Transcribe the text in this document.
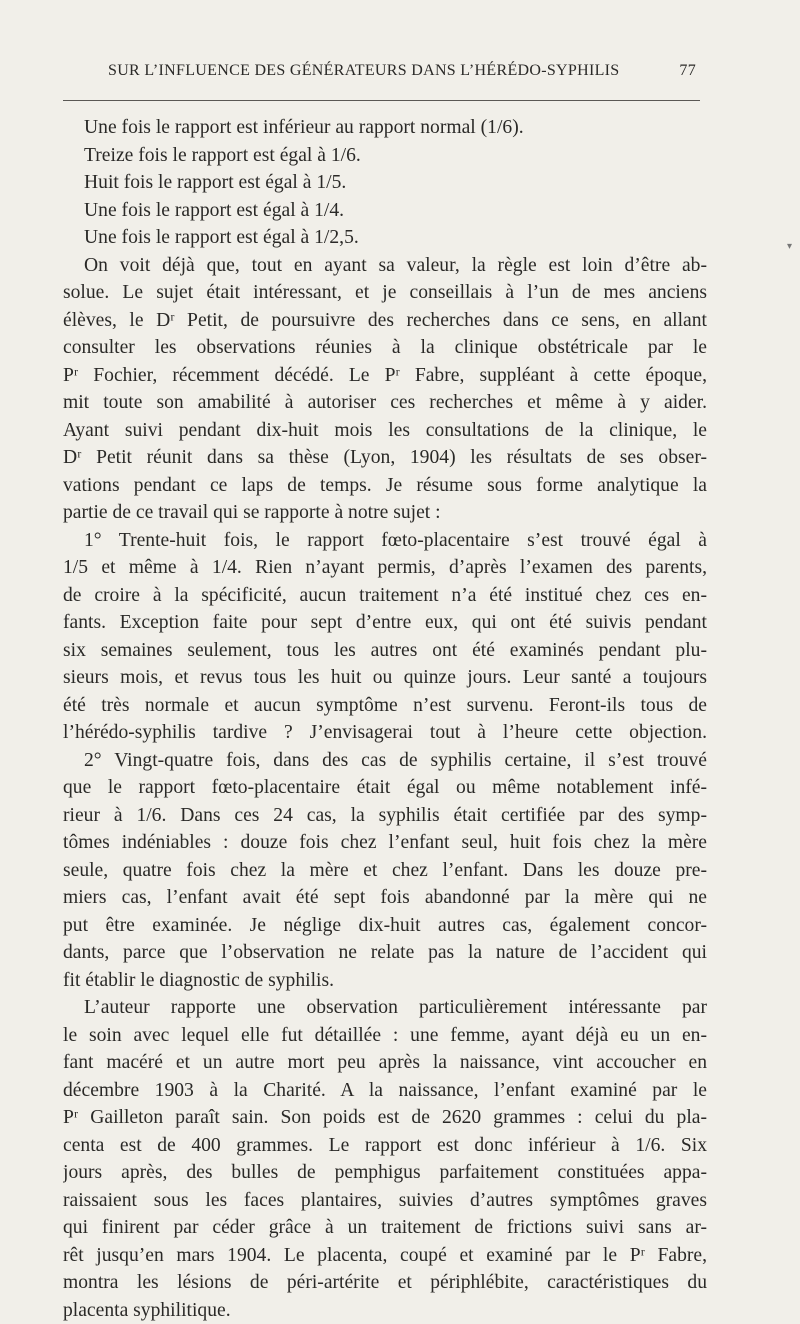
SUR L’INFLUENCE DES GÉNÉRATEURS DANS L’HÉRÉDO-SYPHILIS	77
Une fois le rapport est inférieur au rapport normal (1/6).
Treize fois le rapport est égal à 1/6.
Huit fois le rapport est égal à 1/5.
Une fois le rapport est égal à 1/4.
Une fois le rapport est égal à 1/2,5.
On voit déjà que, tout en ayant sa valeur, la règle est loin d’être ab-
solue. Le sujet était intéressant, et je conseillais à l’un de mes anciens
élèves, le Dʳ Petit, de poursuivre des recherches dans ce sens, en allant
consulter les observations réunies à la clinique obstétricale par le
Pʳ Fochier, récemment décédé. Le Pʳ Fabre, suppléant à cette époque,
mit toute son amabilité à autoriser ces recherches et même à y aider.
Ayant suivi pendant dix-huit mois les consultations de la clinique, le
Dʳ Petit réunit dans sa thèse (Lyon, 1904) les résultats de ses obser-
vations pendant ce laps de temps. Je résume sous forme analytique la
partie de ce travail qui se rapporte à notre sujet :
1° Trente-huit fois, le rapport fœto-placentaire s’est trouvé égal à
1/5 et même à 1/4. Rien n’ayant permis, d’après l’examen des parents,
de croire à la spécificité, aucun traitement n’a été institué chez ces en-
fants. Exception faite pour sept d’entre eux, qui ont été suivis pendant
six semaines seulement, tous les autres ont été examinés pendant plu-
sieurs mois, et revus tous les huit ou quinze jours. Leur santé a toujours
été très normale et aucun symptôme n’est survenu. Feront-ils tous de
l’hérédo-syphilis tardive ? J’envisagerai tout à l’heure cette objection.
2° Vingt-quatre fois, dans des cas de syphilis certaine, il s’est trouvé
que le rapport fœto-placentaire était égal ou même notablement infé-
rieur à 1/6. Dans ces 24 cas, la syphilis était certifiée par des symp-
tômes indéniables : douze fois chez l’enfant seul, huit fois chez la mère
seule, quatre fois chez la mère et chez l’enfant. Dans les douze pre-
miers cas, l’enfant avait été sept fois abandonné par la mère qui ne
put être examinée. Je néglige dix-huit autres cas, également concor-
dants, parce que l’observation ne relate pas la nature de l’accident qui
fit établir le diagnostic de syphilis.
L’auteur rapporte une observation particulièrement intéressante par
le soin avec lequel elle fut détaillée : une femme, ayant déjà eu un en-
fant macéré et un autre mort peu après la naissance, vint accoucher en
décembre 1903 à la Charité. A la naissance, l’enfant examiné par le
Pʳ Gailleton paraît sain. Son poids est de 2620 grammes : celui du pla-
centa est de 400 grammes. Le rapport est donc inférieur à 1/6. Six
jours après, des bulles de pemphigus parfaitement constituées appa-
raissaient sous les faces plantaires, suivies d’autres symptômes graves
qui finirent par céder grâce à un traitement de frictions suivi sans ar-
rêt jusqu’en mars 1904. Le placenta, coupé et examiné par le Pʳ Fabre,
montra les lésions de péri-artérite et périphlébite, caractéristiques du
placenta syphilitique.
▾
